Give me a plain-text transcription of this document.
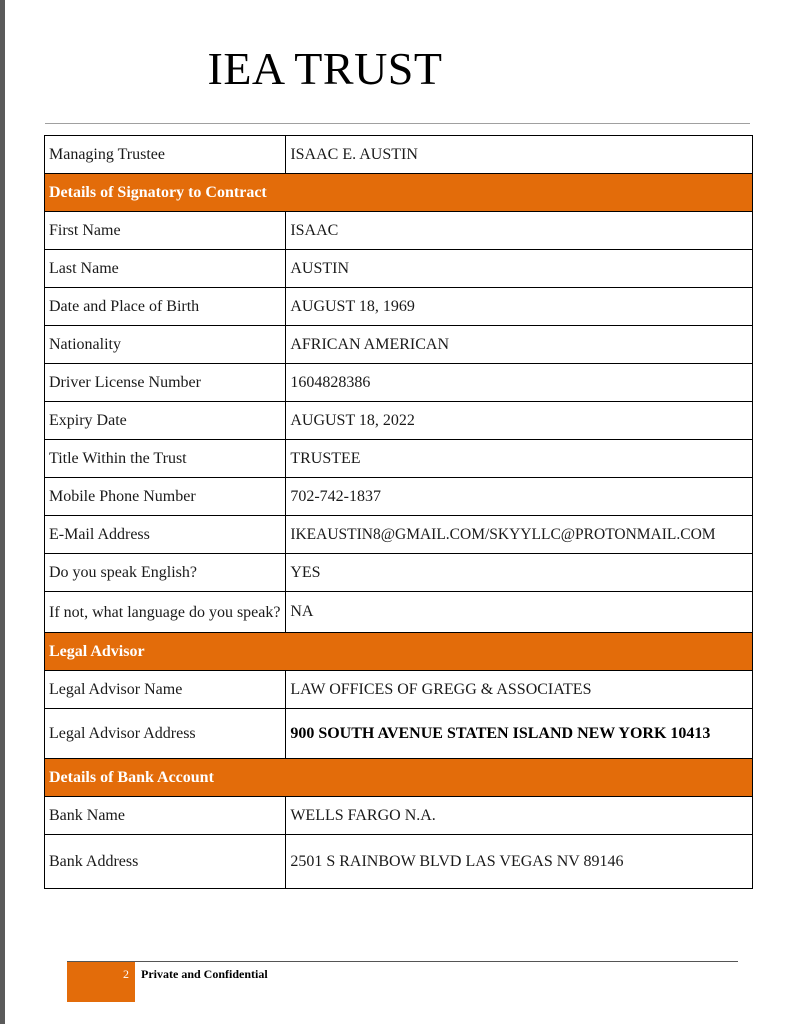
IEA TRUST
Managing Trustee	ISAAC E. AUSTIN
Details of Signatory to Contract	
First Name	ISAAC
Last Name	AUSTIN
Date and Place of Birth	AUGUST 18, 1969
Nationality	AFRICAN AMERICAN
Driver License Number	1604828386
Expiry Date	AUGUST 18, 2022
Title Within the Trust	TRUSTEE
Mobile Phone Number	702-742-1837
E-Mail Address	IKEAUSTIN8@GMAIL.COM/SKYYLLC@PROTONMAIL.COM
Do you speak English?	YES
If not, what language do you speak?	NA
Legal Advisor	
Legal Advisor Name	LAW OFFICES OF GREGG & ASSOCIATES
Legal Advisor Address	900 SOUTH AVENUE STATEN ISLAND NEW YORK 10413
Details of Bank Account	
Bank Name	WELLS FARGO N.A.
Bank Address	2501 S RAINBOW BLVD LAS VEGAS NV 89146
2 Private and Confidential
